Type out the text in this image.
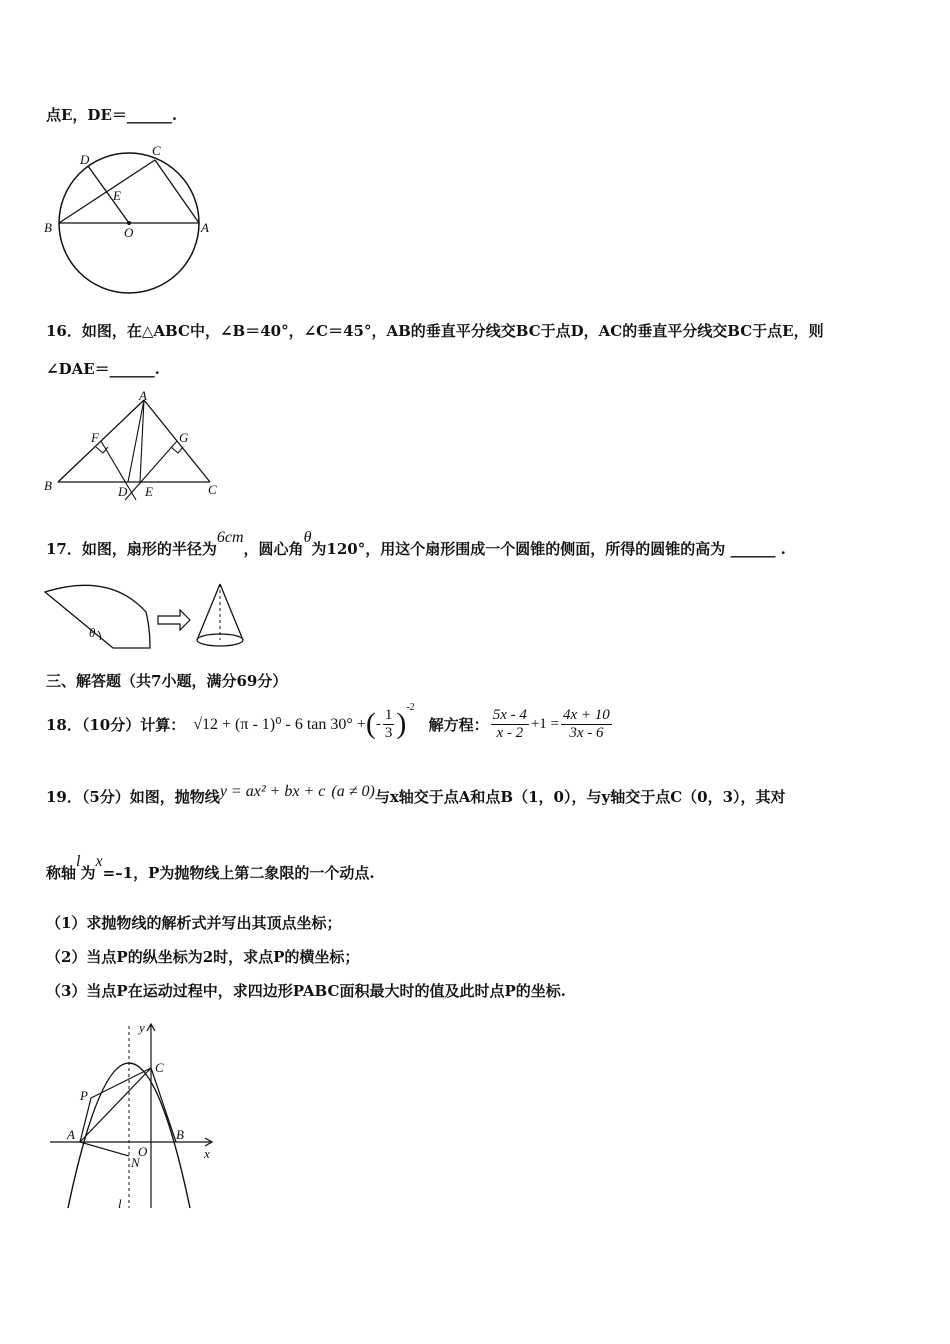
点E，DE＝______.
D
C
E
B	O	A
16．如图，在△ABC中，∠B＝40°，∠C＝45°，AB的垂直平分线交BC于点D，AC的垂直平分线交BC于点E，则
∠DAE＝______.
A
F	G
B	D E	C
17．如图，扇形的半径为6cm，圆心角θ为120°，用这个扇形围成一个圆锥的侧面，所得的圆锥的高为 ______ .
θ
三、解答题（共7小题，满分69分）
18．（10分）计算： √12 + (π - 1)⁰ - 6 tan 30° + ( - $\frac{1}{3}$ ) -2
解方程： $\frac{5x - 4}{x - 2} +1 = \frac{4x + 10}{3x - 6}$
19．（5分）如图，抛物线y = ax² + bx + c (a ≠ 0)与x轴交于点A和点B（1，0），与y轴交于点C（0，3），其对
称轴l为x=–1，P为抛物线上第二象限的一个动点.
（1）求抛物线的解析式并写出其顶点坐标；
（2）当点P的纵坐标为2时，求点P的横坐标；
（3）当点P在运动过程中，求四边形PABC面积最大时的值及此时点P的坐标.
y
C
P
A
O
B
x
N
l
